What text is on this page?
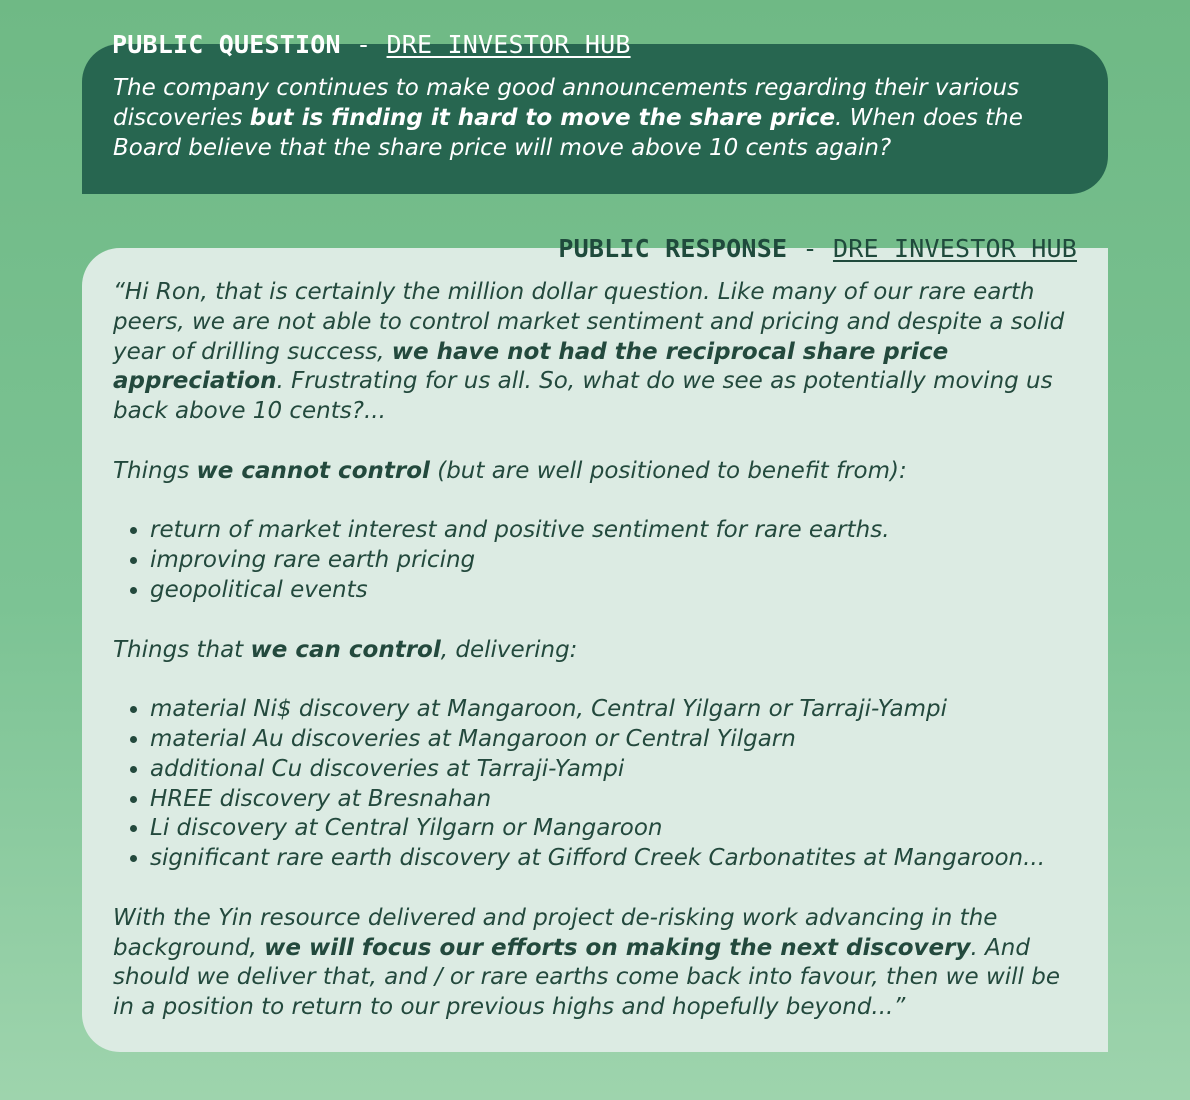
PUBLIC QUESTION - DRE INVESTOR HUB

The company continues to make good announcements regarding their various discoveries but is finding it hard to move the share price. When does the Board believe that the share price will move above 10 cents again?

PUBLIC RESPONSE - DRE INVESTOR HUB

“Hi Ron, that is certainly the million dollar question. Like many of our rare earth peers, we are not able to control market sentiment and pricing and despite a solid year of drilling success, we have not had the reciprocal share price appreciation. Frustrating for us all. So, what do we see as potentially moving us back above 10 cents?...

Things we cannot control (but are well positioned to benefit from):

• return of market interest and positive sentiment for rare earths.
• improving rare earth pricing
• geopolitical events

Things that we can control, delivering:

• material Ni$ discovery at Mangaroon, Central Yilgarn or Tarraji-Yampi
• material Au discoveries at Mangaroon or Central Yilgarn
• additional Cu discoveries at Tarraji-Yampi
• HREE discovery at Bresnahan
• Li discovery at Central Yilgarn or Mangaroon
• significant rare earth discovery at Gifford Creek Carbonatites at Mangaroon...

With the Yin resource delivered and project de-risking work advancing in the background, we will focus our efforts on making the next discovery. And should we deliver that, and / or rare earths come back into favour, then we will be in a position to return to our previous highs and hopefully beyond...”
